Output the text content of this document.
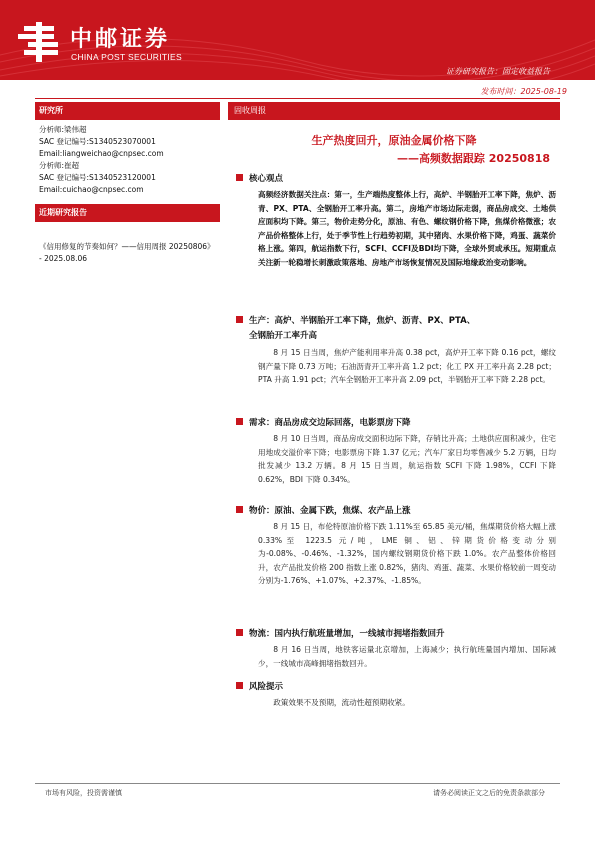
中邮证券
CHINA POST SECURITIES
证券研究报告：固定收益报告
发布时间：2025-08-19
研究所
分析师:梁伟超
SAC 登记编号:S1340523070001
Email:liangweichao@cnpsec.com
分析师:崔超
SAC 登记编号:S1340523120001
Email:cuichao@cnpsec.com
近期研究报告
《信用修复的节奏如何？——信用周报 20250806》 - 2025.08.06
固收周报
生产热度回升，原油金属价格下降
——高频数据跟踪 20250818
核心观点
高频经济数据关注点：第一，生产端热度整体上行，高炉、半钢胎开工率下降，焦炉、沥青、PX、PTA、全钢胎开工率升高。第二，房地产市场边际走弱，商品房成交、土地供应面积均下降。第三，物价走势分化，原油、有色、螺纹钢价格下降，焦煤价格微涨；农产品价格整体上行，处于季节性上行趋势初期，其中猪肉、水果价格下降，鸡蛋、蔬菜价格上涨。第四，航运指数下行，SCFI、CCFI及BDI均下降，全球外贸或承压。短期重点关注新一轮稳增长刺激政策落地、房地产市场恢复情况及国际地缘政治变动影响。
生产：高炉、半钢胎开工率下降，焦炉、沥青、PX、PTA、
全钢胎开工率升高
8 月 15 日当周，焦炉产能利用率升高 0.38 pct，高炉开工率下降 0.16 pct，螺纹钢产量下降 0.73 万吨；石油沥青开工率升高 1.2 pct；化工 PX 开工率升高 2.28 pct；PTA 升高 1.91 pct；汽车全钢胎开工率升高 2.09 pct，半钢胎开工率下降 2.28 pct。
需求：商品房成交边际回落，电影票房下降
8 月 10 日当周，商品房成交面积边际下降，存销比升高；土地供应面积减少，住宅用地成交溢价率下降；电影票房下降 1.37 亿元；汽车厂家日均零售减少 5.2 万辆，日均批发减少 13.2 万辆。8 月 15 日当周，航运指数 SCFI 下降 1.98%，CCFI 下降 0.62%，BDI 下降 0.34%。
物价：原油、金属下跌，焦煤、农产品上涨
8 月 15 日，布伦特原油价格下跌 1.11%至 65.85 美元/桶，焦煤期货价格大幅上涨 0.33%至 1223.5 元/吨，LME 铜、铝、锌期货价格变动分别为-0.08%、-0.46%、-1.32%，国内螺纹钢期货价格下跌 1.0%。农产品整体价格回升，农产品批发价格 200 指数上涨 0.82%，猪肉、鸡蛋、蔬菜、水果价格较前一周变动分别为-1.76%、+1.07%、+2.37%、-1.85%。
物流：国内执行航班量增加，一线城市拥堵指数回升
8 月 16 日当周，地铁客运量北京增加，上海减少；执行航班量国内增加、国际减少，一线城市高峰拥堵指数回升。
风险提示
政策效果不及预期，流动性超预期收紧。
市场有风险，投资需谨慎	请务必阅读正文之后的免责条款部分
